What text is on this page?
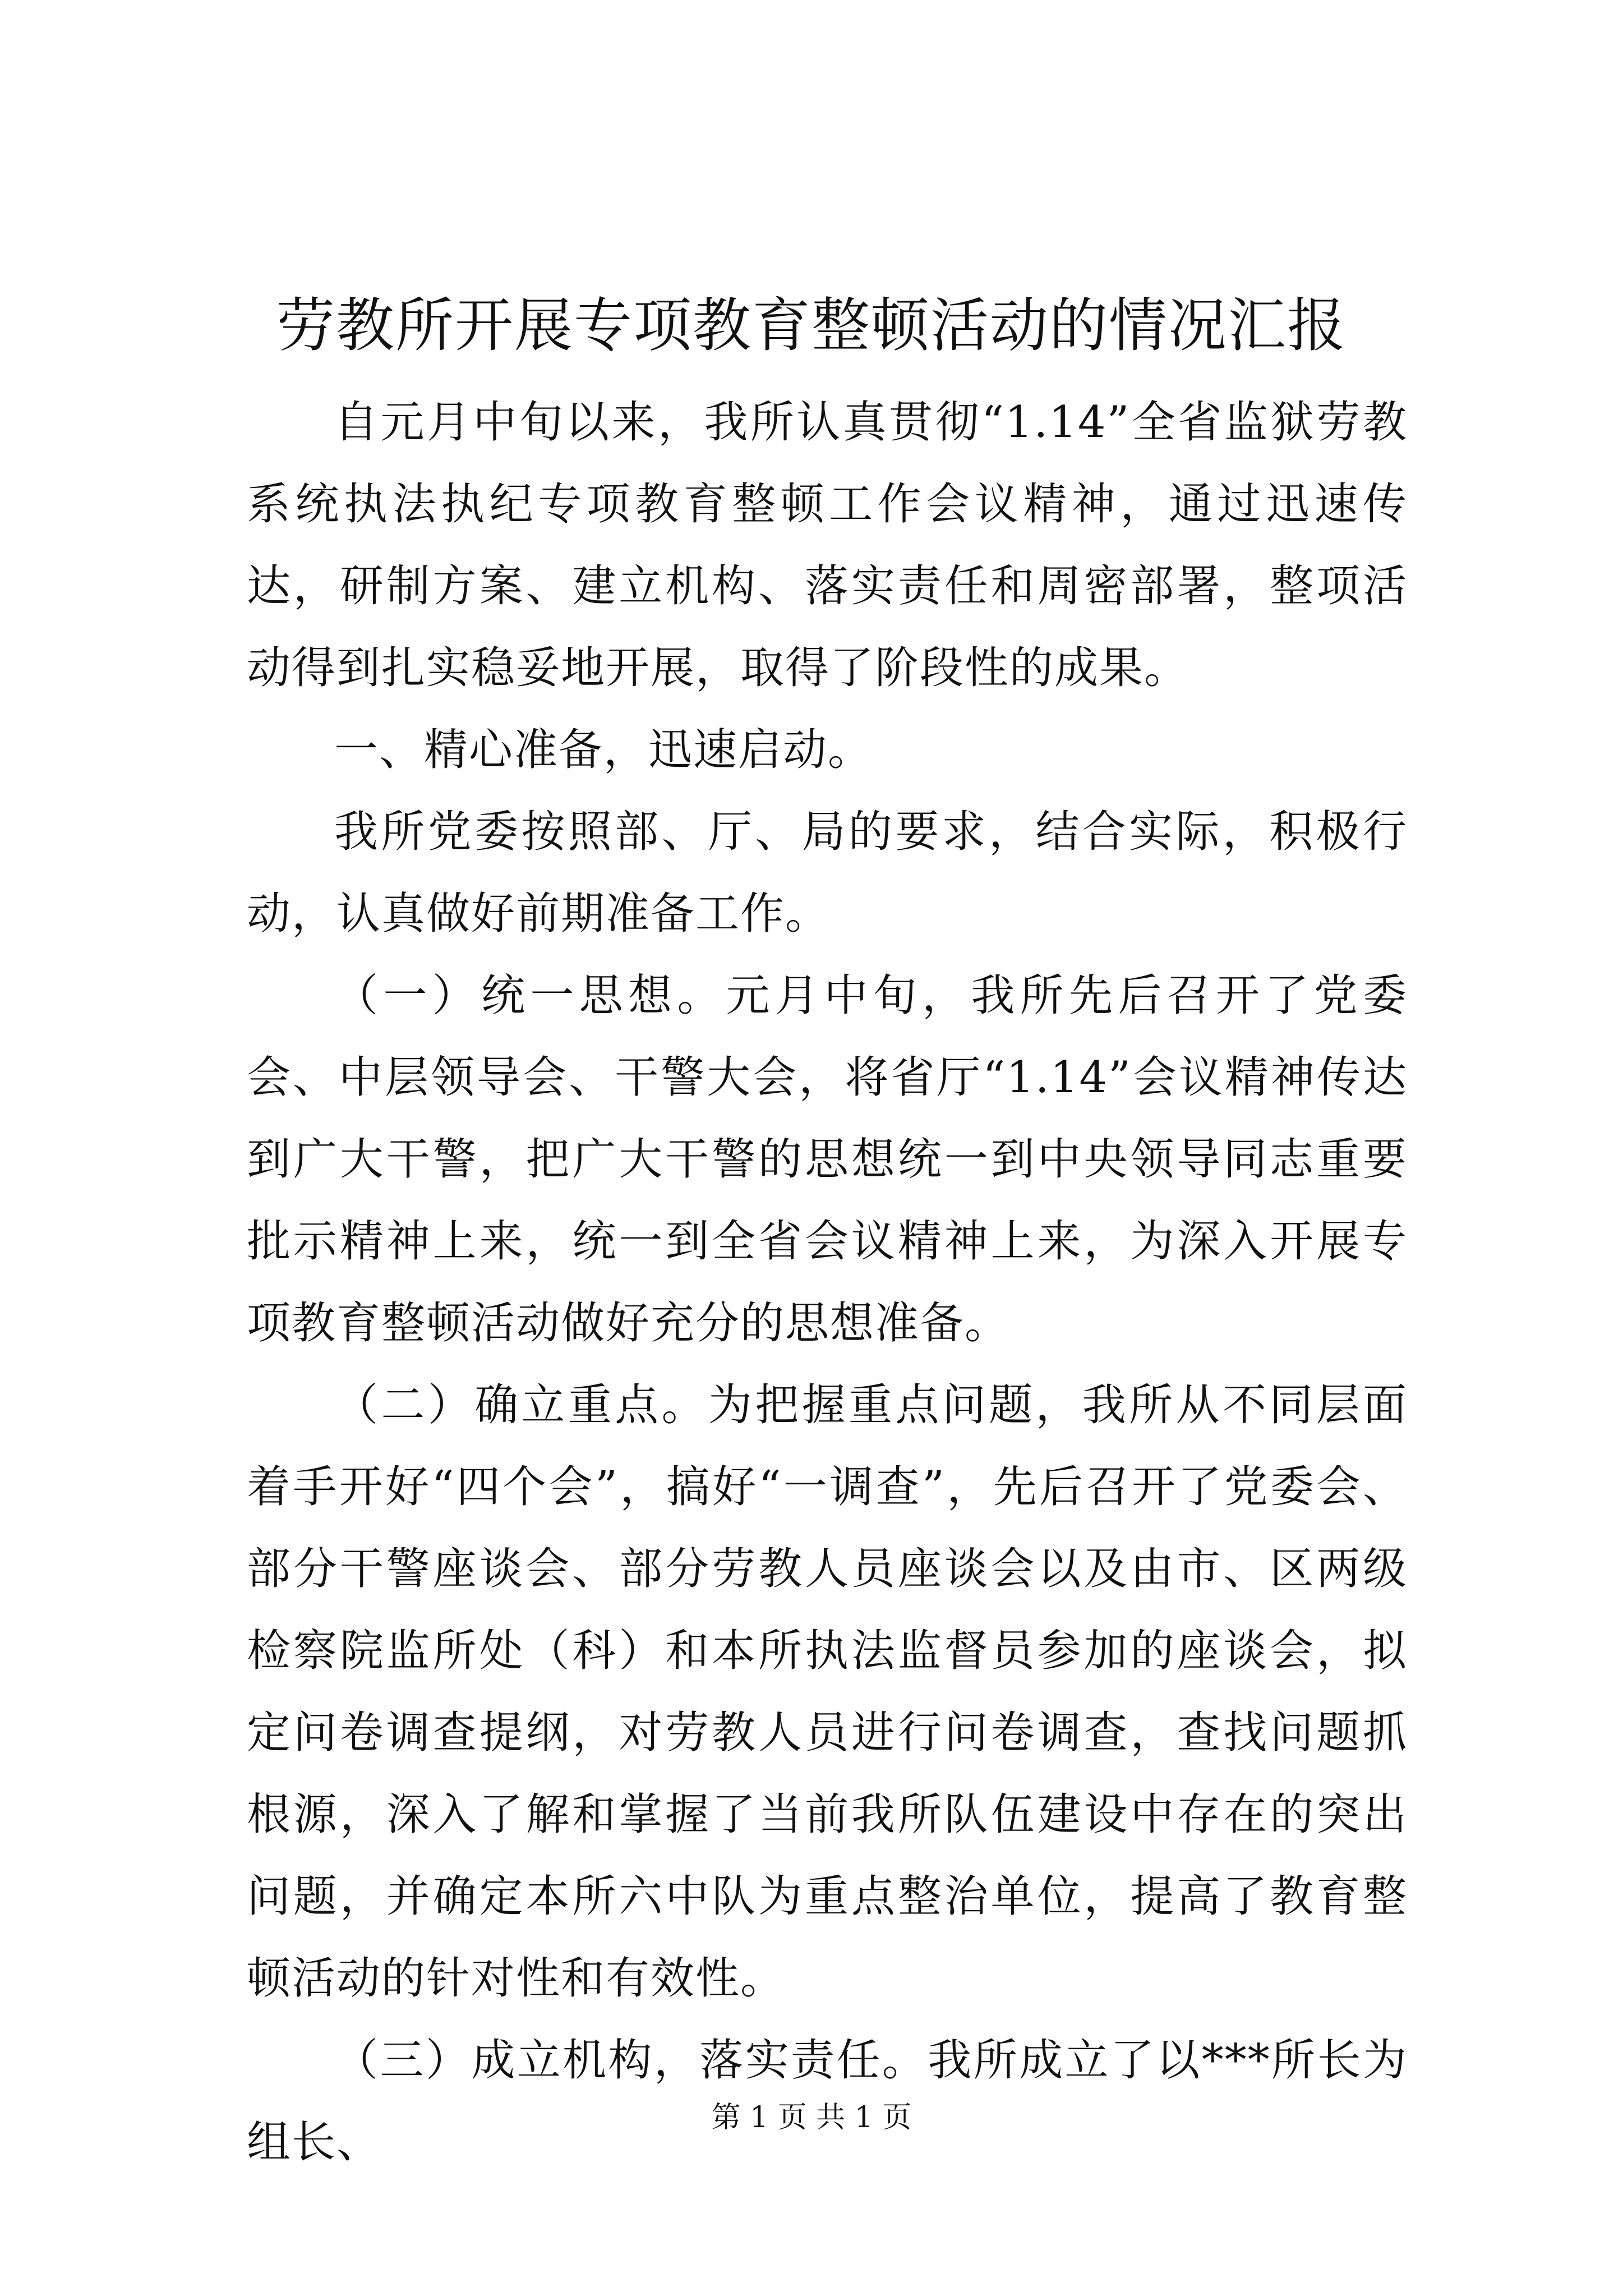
劳教所开展专项教育整顿活动的情况汇报

自元月中旬以来，我所认真贯彻“1.14”全省监狱劳教系统执法执纪专项教育整顿工作会议精神，通过迅速传达，研制方案、建立机构、落实责任和周密部署，整项活动得到扎实稳妥地开展，取得了阶段性的成果。

一、精心准备，迅速启动。

我所党委按照部、厅、局的要求，结合实际，积极行动，认真做好前期准备工作。

（一）统一思想。元月中旬，我所先后召开了党委会、中层领导会、干警大会，将省厅“1.14”会议精神传达到广大干警，把广大干警的思想统一到中央领导同志重要批示精神上来，统一到全省会议精神上来，为深入开展专项教育整顿活动做好充分的思想准备。

（二）确立重点。为把握重点问题，我所从不同层面着手开好“四个会”，搞好“一调查”，先后召开了党委会、部分干警座谈会、部分劳教人员座谈会以及由市、区两级检察院监所处（科）和本所执法监督员参加的座谈会，拟定问卷调查提纲，对劳教人员进行问卷调查，查找问题抓根源，深入了解和掌握了当前我所队伍建设中存在的突出问题，并确定本所六中队为重点整治单位，提高了教育整顿活动的针对性和有效性。

（三）成立机构，落实责任。我所成立了以***所长为组长、	第 1 页 共 1 页
